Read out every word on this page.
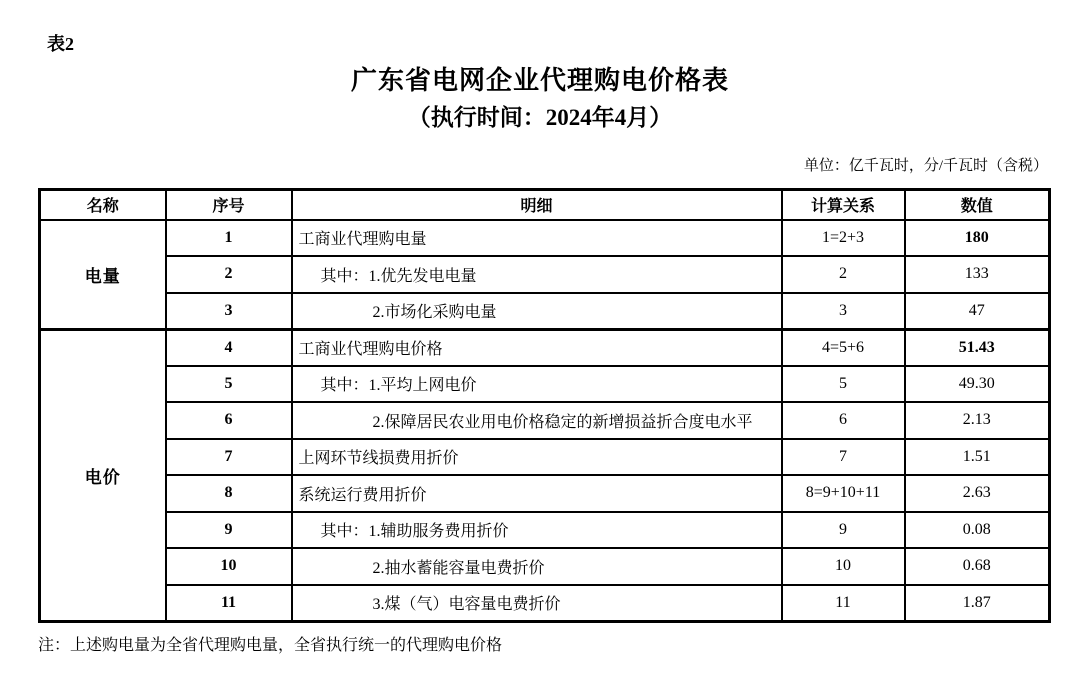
表2
广东省电网企业代理购电价格表
（执行时间：2024年4月）
单位：亿千瓦时，分/千瓦时（含税）
名称	序号	明细	计算关系	数值
电量	1	工商业代理购电量	1=2+3	180
	2	其中：1.优先发电电量	2	133
	3	2.市场化采购电量	3	47
电价	4	工商业代理购电价格	4=5+6	51.43
	5	其中：1.平均上网电价	5	49.30
	6	2.保障居民农业用电价格稳定的新增损益折合度电水平	6	2.13
	7	上网环节线损费用折价	7	1.51
	8	系统运行费用折价	8=9+10+11	2.63
	9	其中：1.辅助服务费用折价	9	0.08
	10	2.抽水蓄能容量电费折价	10	0.68
	11	3.煤（气）电容量电费折价	11	1.87
注：上述购电量为全省代理购电量，全省执行统一的代理购电价格
